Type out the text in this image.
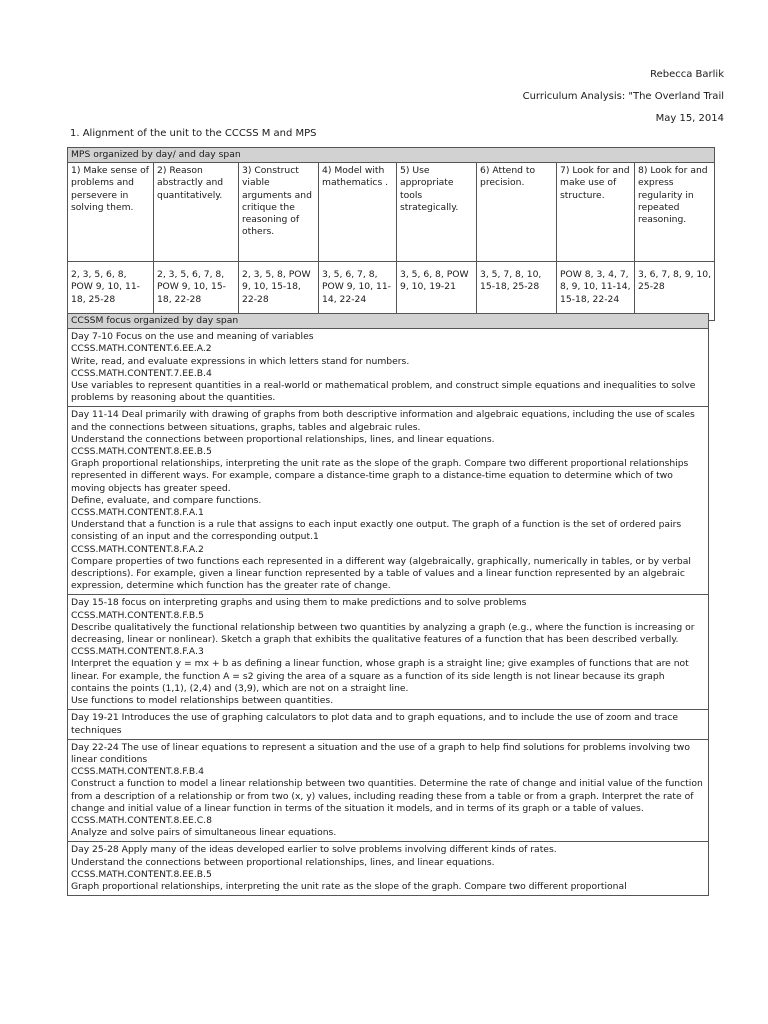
Rebecca Barlik
Curriculum Analysis: "The Overland Trail
May 15, 2014
1. Alignment of the unit to the CCCSS M and MPS
MPS organized by day/ and day span							
1) Make sense of problems and persevere in solving them.	2) Reason abstractly and quantitatively.	3) Construct viable arguments and critique the reasoning of others.	4) Model with mathematics .	5) Use appropriate tools strategically.	6) Attend to precision.	7) Look for and make use of structure.	8) Look for and express regularity in repeated reasoning.
2, 3, 5, 6, 8, POW 9, 10, 11-18, 25-28	2, 3, 5, 6, 7, 8, POW 9, 10, 15-18, 22-28	2, 3, 5, 8, POW 9, 10, 15-18, 22-28	3, 5, 6, 7, 8, POW 9, 10, 11-14, 22-24	3, 5, 6, 8, POW 9, 10, 19-21	3, 5, 7, 8, 10, 15-18, 25-28	POW 8, 3, 4, 7, 8, 9, 10, 11-14, 15-18, 22-24	3, 6, 7, 8, 9, 10, 25-28
CCSSM focus organized by day span

Day 7-10 Focus on the use and meaning of variables
CCSS.MATH.CONTENT.6.EE.A.2
Write, read, and evaluate expressions in which letters stand for numbers.
CCSS.MATH.CONTENT.7.EE.B.4
Use variables to represent quantities in a real-world or mathematical problem, and construct simple equations and inequalities to solve problems by reasoning about the quantities.

Day 11-14 Deal primarily with drawing of graphs from both descriptive information and algebraic equations, including the use of scales and the connections between situations, graphs, tables and algebraic rules.
Understand the connections between proportional relationships, lines, and linear equations.
CCSS.MATH.CONTENT.8.EE.B.5
Graph proportional relationships, interpreting the unit rate as the slope of the graph. Compare two different proportional relationships represented in different ways. For example, compare a distance-time graph to a distance-time equation to determine which of two moving objects has greater speed.
Define, evaluate, and compare functions.
CCSS.MATH.CONTENT.8.F.A.1
Understand that a function is a rule that assigns to each input exactly one output. The graph of a function is the set of ordered pairs consisting of an input and the corresponding output.1
CCSS.MATH.CONTENT.8.F.A.2
Compare properties of two functions each represented in a different way (algebraically, graphically, numerically in tables, or by verbal descriptions). For example, given a linear function represented by a table of values and a linear function represented by an algebraic expression, determine which function has the greater rate of change.

Day 15-18 focus on interpreting graphs and using them to make predictions and to solve problems
CCSS.MATH.CONTENT.8.F.B.5
Describe qualitatively the functional relationship between two quantities by analyzing a graph (e.g., where the function is increasing or decreasing, linear or nonlinear). Sketch a graph that exhibits the qualitative features of a function that has been described verbally.
CCSS.MATH.CONTENT.8.F.A.3
Interpret the equation y = mx + b as defining a linear function, whose graph is a straight line; give examples of functions that are not linear. For example, the function A = s2 giving the area of a square as a function of its side length is not linear because its graph contains the points (1,1), (2,4) and (3,9), which are not on a straight line.
Use functions to model relationships between quantities.

Day 19-21 Introduces the use of graphing calculators to plot data and to graph equations, and to include the use of zoom and trace techniques

Day 22-24 The use of linear equations to represent a situation and the use of a graph to help find solutions for problems involving two linear conditions
CCSS.MATH.CONTENT.8.F.B.4
Construct a function to model a linear relationship between two quantities. Determine the rate of change and initial value of the function from a description of a relationship or from two (x, y) values, including reading these from a table or from a graph. Interpret the rate of change and initial value of a linear function in terms of the situation it models, and in terms of its graph or a table of values.
CCSS.MATH.CONTENT.8.EE.C.8
Analyze and solve pairs of simultaneous linear equations.

Day 25-28 Apply many of the ideas developed earlier to solve problems involving different kinds of rates.
Understand the connections between proportional relationships, lines, and linear equations.
CCSS.MATH.CONTENT.8.EE.B.5
Graph proportional relationships, interpreting the unit rate as the slope of the graph. Compare two different proportional
